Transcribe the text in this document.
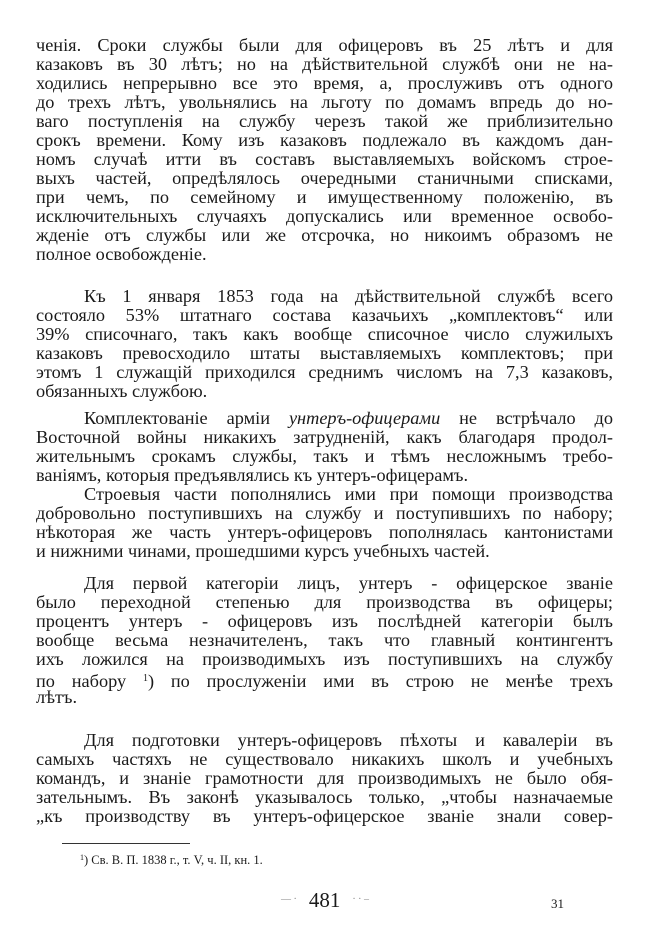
ченія. Сроки службы были для офицеровъ въ 25 лѣтъ и для
казаковъ въ 30 лѣтъ; но на дѣйствительной службѣ они не на-
ходились непрерывно все это время, а, прослуживъ отъ одного
до трехъ лѣтъ, увольнялись на льготу по домамъ впредь до но-
ваго поступленія на службу черезъ такой же приблизительно
срокъ времени. Кому изъ казаковъ подлежало въ каждомъ дан-
номъ случаѣ итти въ составъ выставляемыхъ войскомъ строе-
выхъ частей, опредѣлялось очередными станичными списками,
при чемъ, по семейному и имущественному положенію, въ
исключительныхъ случаяхъ допускались или временное освобо-
жденіе отъ службы или же отсрочка, но никоимъ образомъ не
полное освобожденіе.
Къ 1 января 1853 года на дѣйствительной службѣ всего
состояло 53% штатнаго состава казачьихъ „комплектовъ“ или
39% списочнаго, такъ какъ вообще списочное число служилыхъ
казаковъ превосходило штаты выставляемыхъ комплектовъ; при
этомъ 1 служащій приходился среднимъ числомъ на 7,3 казаковъ,
обязанныхъ службою.
Комплектованіе арміи унтеръ-офицерами не встрѣчало до
Восточной войны никакихъ затрудненій, какъ благодаря продол-
жительнымъ срокамъ службы, такъ и тѣмъ несложнымъ требо-
ваніямъ, которыя предъявлялись къ унтеръ-офицерамъ.
Строевыя части пополнялись ими при помощи производства
добровольно поступившихъ на службу и поступившихъ по набору;
нѣкоторая же часть унтеръ-офицеровъ пополнялась кантонистами
и нижними чинами, прошедшими курсъ учебныхъ частей.
Для первой категоріи лицъ, унтеръ - офицерское званіе
было переходной степенью для производства въ офицеры;
процентъ унтеръ - офицеровъ изъ послѣдней категоріи былъ
вообще весьма незначителенъ, такъ что главный контингентъ
ихъ ложился на производимыхъ изъ поступившихъ на службу
по набору $^1$) по прослуженіи ими въ строю не менѣе трехъ
лѣтъ.
Для подготовки унтеръ-офицеровъ пѣхоты и кавалеріи въ
самыхъ частяхъ не существовало никакихъ школъ и учебныхъ
командъ, и знаніе грамотности для производимыхъ не было обя-
зательнымъ. Въ законѣ указывалось только, „чтобы назначаемые
„къ производству въ унтеръ-офицерское званіе знали совер-
$^1$) Св. В. П. 1838 г., т. V, ч. II, кн. 1.
— · 481 · · –	31
